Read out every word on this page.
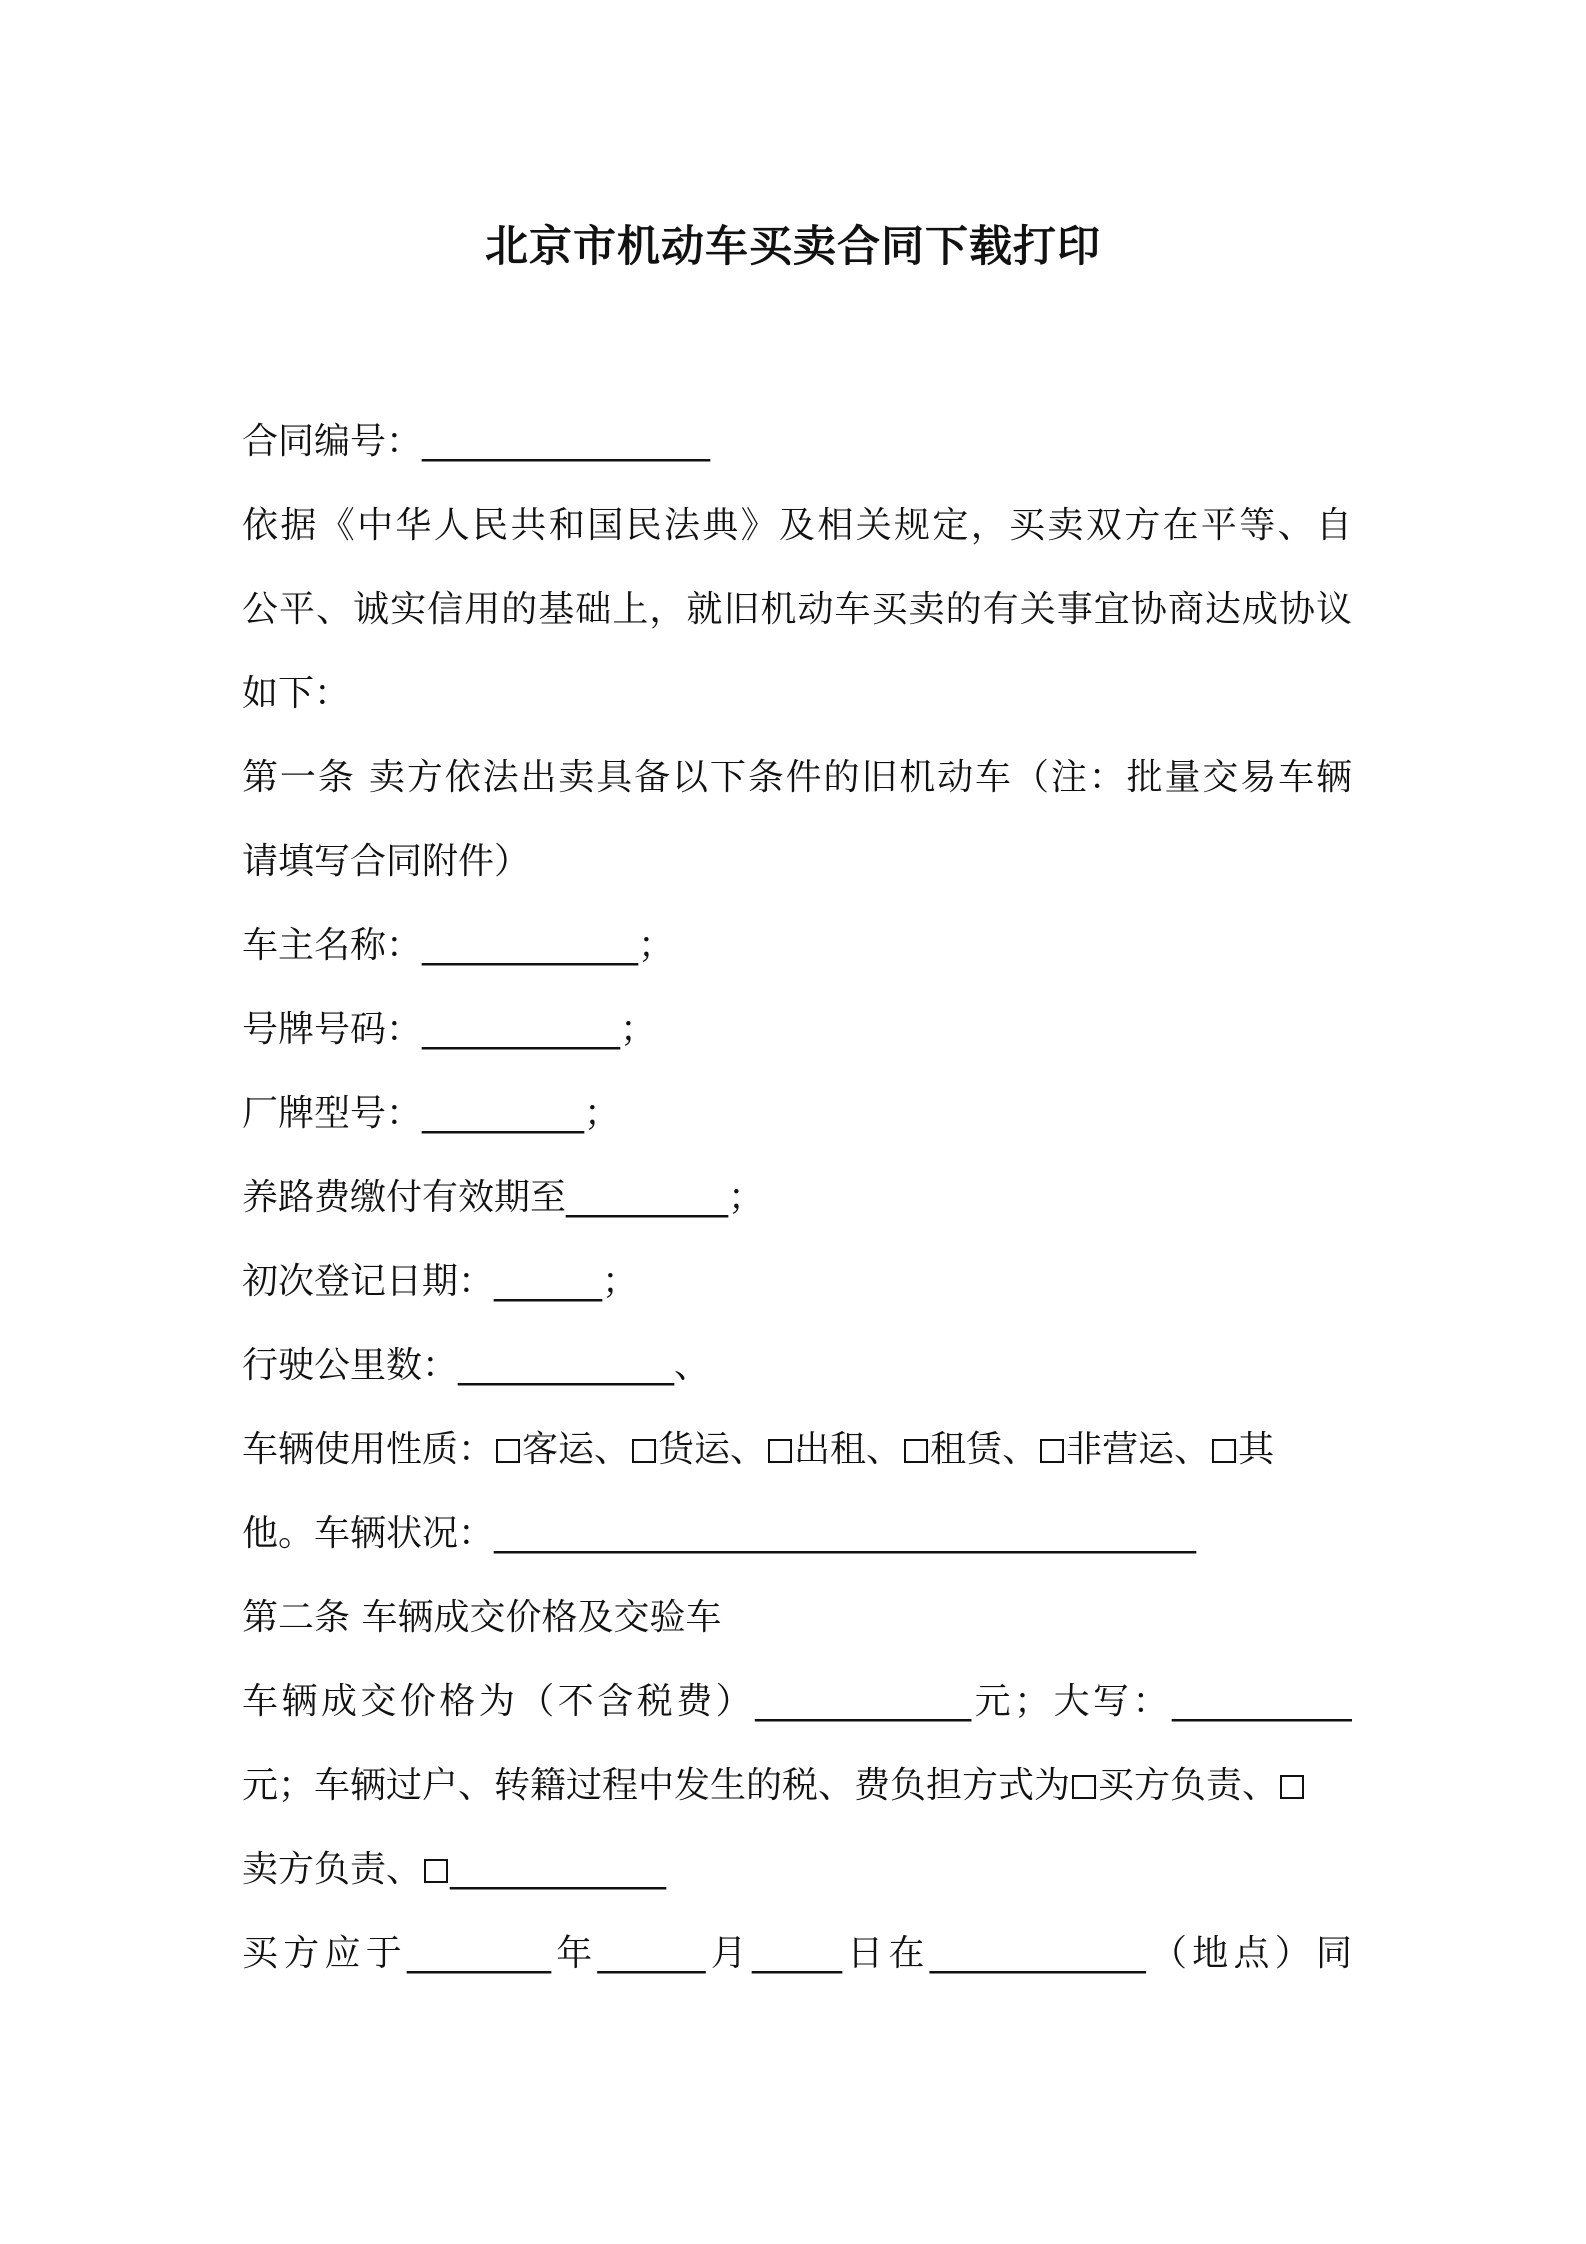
北京市机动车买卖合同下载打印
合同编号：________________
依据《中华人民共和国民法典》及相关规定，买卖双方在平等、自
公平、诚实信用的基础上，就旧机动车买卖的有关事宜协商达成协议
如下：
第一条 卖方依法出卖具备以下条件的旧机动车（注：批量交易车辆
请填写合同附件）
车主名称：____________；
号牌号码：___________；
厂牌型号：_________；
养路费缴付有效期至_________；
初次登记日期：______；
行驶公里数：____________、
车辆使用性质： 客运、 货运、 出租、 租赁、 非营运、 其
他。车辆状况：_______________________________________
第二条 车辆成交价格及交验车
车辆成交价格为（不含税费）____________元；大写：__________
元；车辆过户、转籍过程中发生的税、费负担方式为 买方负责、
卖方负责、 ____________
买方应于________年______月_____日在____________（地点）同
